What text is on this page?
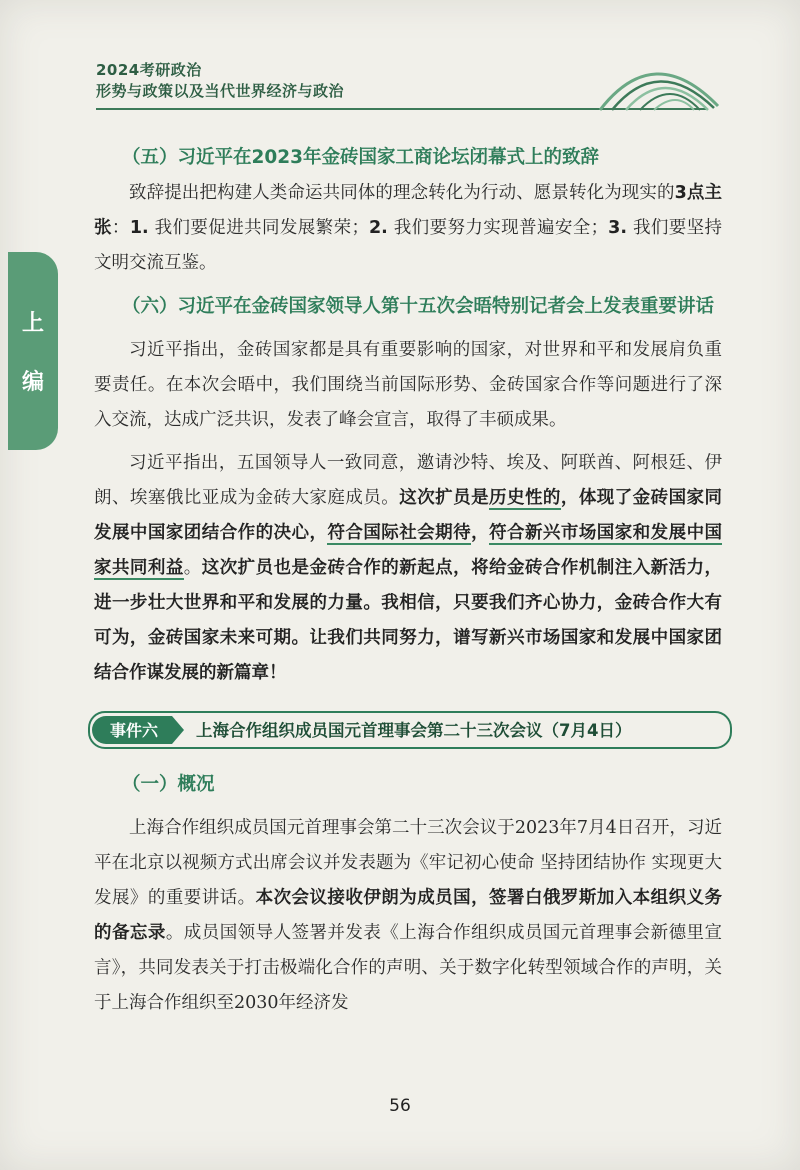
2024考研政治
形势与政策以及当代世界经济与政治
上
编
（五）习近平在2023年金砖国家工商论坛闭幕式上的致辞
致辞提出把构建人类命运共同体的理念转化为行动、愿景转化为现实的3点主张：1. 我们要促进共同发展繁荣；2. 我们要努力实现普遍安全；3. 我们要坚持文明交流互鉴。
（六）习近平在金砖国家领导人第十五次会晤特别记者会上发表重要讲话
习近平指出，金砖国家都是具有重要影响的国家，对世界和平和发展肩负重要责任。在本次会晤中，我们围绕当前国际形势、金砖国家合作等问题进行了深入交流，达成广泛共识，发表了峰会宣言，取得了丰硕成果。
习近平指出，五国领导人一致同意，邀请沙特、埃及、阿联酋、阿根廷、伊朗、埃塞俄比亚成为金砖大家庭成员。这次扩员是历史性的，体现了金砖国家同发展中国家团结合作的决心，符合国际社会期待，符合新兴市场国家和发展中国家共同利益。这次扩员也是金砖合作的新起点，将给金砖合作机制注入新活力，进一步壮大世界和平和发展的力量。我相信，只要我们齐心协力，金砖合作大有可为，金砖国家未来可期。让我们共同努力，谱写新兴市场国家和发展中国家团结合作谋发展的新篇章！
事件六	上海合作组织成员国元首理事会第二十三次会议（7月4日）
（一）概况
上海合作组织成员国元首理事会第二十三次会议于2023年7月4日召开，习近平在北京以视频方式出席会议并发表题为《牢记初心使命 坚持团结协作 实现更大发展》的重要讲话。本次会议接收伊朗为成员国，签署白俄罗斯加入本组织义务的备忘录。成员国领导人签署并发表《上海合作组织成员国元首理事会新德里宣言》，共同发表关于打击极端化合作的声明、关于数字化转型领域合作的声明，关于上海合作组织至2030年经济发
56
